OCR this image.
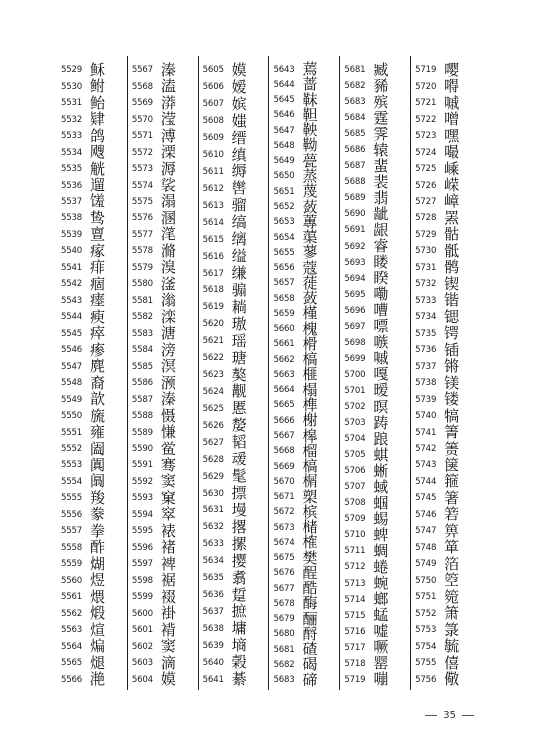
5529 稣
5530 鲋
5531 鲐
5532 肄
5533 鸽
5534 飕
5535 觥
5536 遛
5537 馐
5538 鸷
5539 亶
5540 瘃
5541 痱
5542 痼
5543 瘗
5544 瘐
5545 瘁
5546 瘆
5547 麂
5548 裔
5549 歆
5550 旒
5551 雍
5552 阖
5553 阗
5554 阘
5555 羧
5556 豢
5557 拳
5558 酢
5559 煳
5560 煜
5561 煨
5562 煅
5563 煊
5564 煸
5565 煺
5566 滟
5567 溱
5568 溘
5569 漭
5570 滢
5571 溥
5572 溧
5573 溽
5574 裟
5575 溻
5576 溷
5577 滗
5578 滫
5579 溴
5580 滏
5581 滃
5582 滦
5583 溏
5584 滂
5585 溟
5586 滪
5587 溱
5588 慑
5589 慊
5590 鲎
5591 骞
5592 窦
5593 窠
5594 窣
5595 裱
5596 褚
5597 裨
5598 裾
5599 裰
5600 褂
5601 褙
5602 窦
5603 滴
5604 嫫
5605 嫫
5606 嫒
5607 嫔
5608 媸
5609 缙
5610 缜
5611 缛
5612 辔
5613 骝
5614 缟
5615 缡
5616 缢
5617 缣
5618 骟
5619 耥
5620 璈
5621 瑶
5622 瑭
5623 獒
5624 觏
5625 慝
5626 嫠
5627 韬
5628 叆
5629 髦
5630 摽
5631 墁
5632 撂
5633 摞
5634 撄
5635 翥
5636 踅
5637 摭
5638 墉
5639 墒
5640 榖
5641 綦
5643 蔫
5644 蔷
5645 靺
5646 靼
5647 鞅
5648 靿
5649 甍
5650 蒸
5651 蔑
5652 蔹
5653 蓴
5654 蕖
5655 蓼
5656 蔻
5657 蓰
5658 蔹
5659 槿
5660 槐
5661 榾
5662 槁
5663 榧
5664 榻
5665 榫
5666 榭
5667 槔
5668 榴
5669 槁
5670 榍
5671 槊
5672 槟
5673 槠
5674 榷
5675 樊
5676 酲
5677 酷
5678 酶
5679 酾
5680 酹
5681 碴
5682 碣
5683 碲
5681 臧
5682 豨
5683 殡
5684 霆
5685 霁
5686 辕
5687 蜚
5688 裴
5689 翡
5690 龇
5691 龈
5692 睿
5693 䁖
5694 睽
5695 嘞
5696 嘈
5697 嘌
5698 嗾
5699 嘁
5700 嘎
5701 暧
5702 暝
5703 踌
5704 踉
5705 蜞
5706 蜥
5707 蜮
5708 蝈
5709 蜴
5710 蜱
5711 蜩
5712 蜷
5713 蜿
5714 螂
5715 蜢
5716 嘘
5717 噘
5718 罂
5719 嘣
5719 嘤
5720 嘚
5721 嘁
5722 噌
5723 嘿
5724 嘬
5725 嵊
5726 嵘
5727 嶂
5728 罴
5729 骷
5730 骶
5731 鹘
5732 锲
5733 锴
5734 锶
5735 锷
5736 锸
5737 锵
5738 镁
5739 镂
5740 犒
5741 箐
5742 箦
5743 箧
5744 箍
5745 箸
5746 箬
5747 箅
5748 箪
5749 箔
5750 箜
5751 箢
5752 箫
5753 箓
5754 毓
5755 僖
5756 儆
35
